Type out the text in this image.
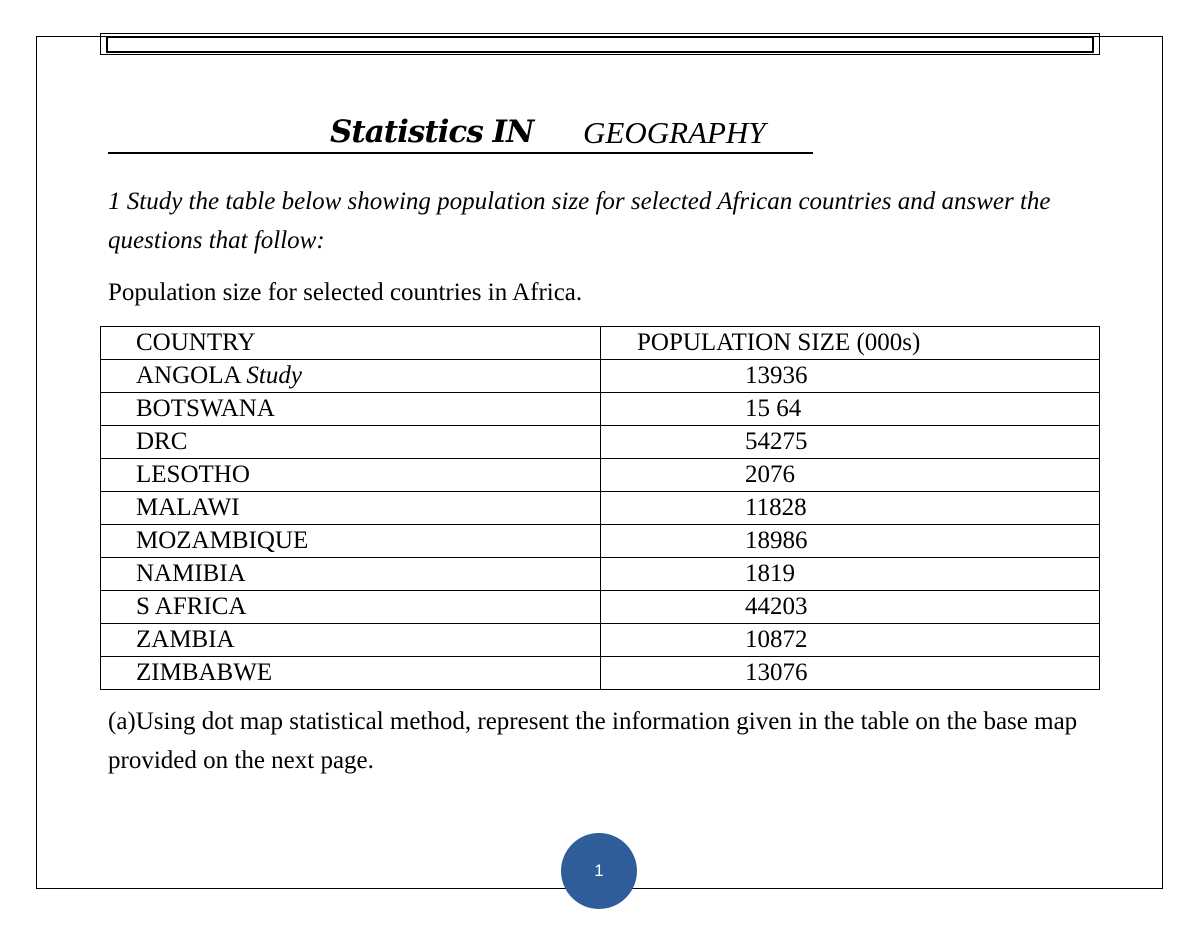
Statistics IN GEOGRAPHY
1 Study the table below showing population size for selected African countries and answer the questions that follow:
Population size for selected countries in Africa.
COUNTRY	POPULATION SIZE (000s)
ANGOLA Study	13936
BOTSWANA	15 64
DRC	54275
LESOTHO	2076
MALAWI	11828
MOZAMBIQUE	18986
NAMIBIA	1819
S AFRICA	44203
ZAMBIA	10872
ZIMBABWE	13076
(a)Using dot map statistical method, represent the information given in the table on the base map provided on the next page.
1
